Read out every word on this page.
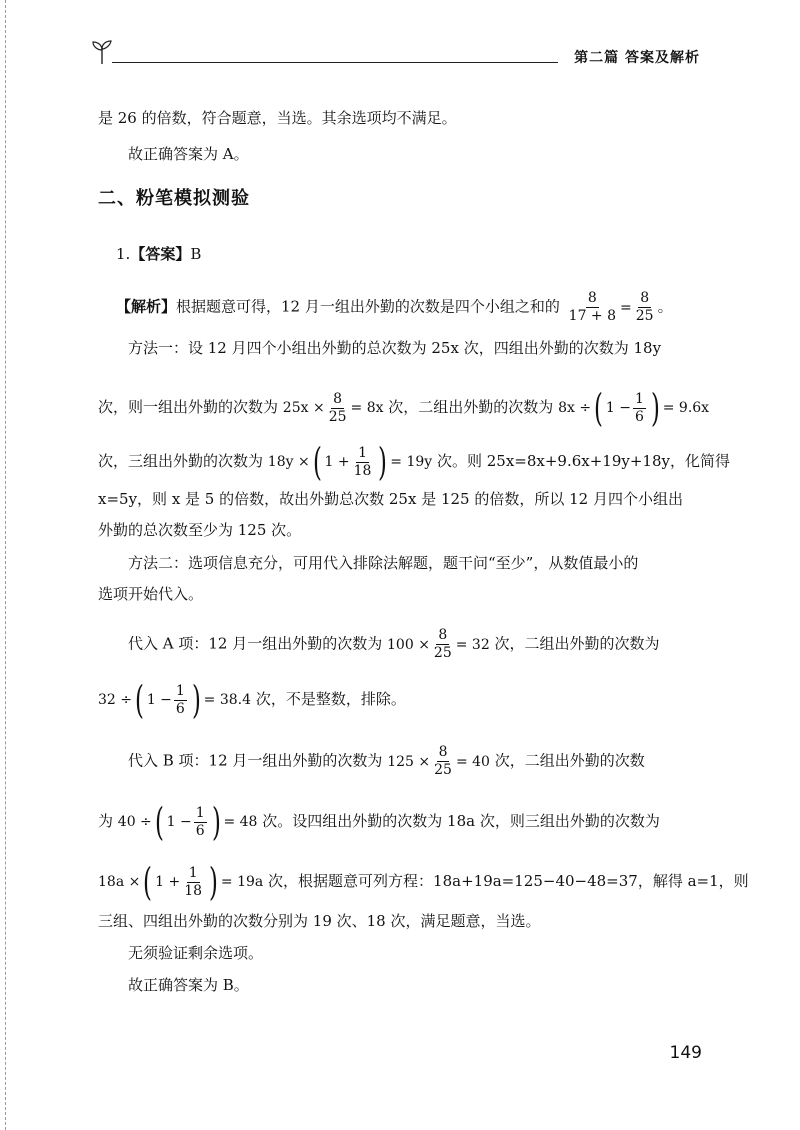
第二篇 答案及解析
是 26 的倍数，符合题意，当选。其余选项均不满足。
故正确答案为 A。
二、粉笔模拟测验
1.【答案】B
【解析】根据题意可得，12 月一组出外勤的次数是四个小组之和的 $\frac{8}{17 + 8} = \frac{8}{25}$ 。
方法一：设 12 月四个小组出外勤的总次数为 25x 次，四组出外勤的次数为 18y
次，则一组出外勤的次数为 $25x \times \frac{8}{25} = 8x$ 次，二组出外勤的次数为 8x ÷ ( $1 - \frac{1}{6}$ ) = 9.6x
次，三组出外勤的次数为 18y × ( $1 + \frac{1}{18}$ ) = 19y 次。则 25x=8x+9.6x+19y+18y，化简得
x=5y，则 x 是 5 的倍数，故出外勤总次数 25x 是 125 的倍数，所以 12 月四个小组出
外勤的总次数至少为 125 次。
方法二：选项信息充分，可用代入排除法解题，题干问“至少”，从数值最小的
选项开始代入。
代入 A 项：12 月一组出外勤的次数为 $100 \times \frac{8}{25} = 32$ 次，二组出外勤的次数为
32 ÷ ( $1 - \frac{1}{6}$ ) = 38.4 次，不是整数，排除。
代入 B 项：12 月一组出外勤的次数为 $125 \times \frac{8}{25} = 40$ 次，二组出外勤的次数
为 40 ÷ ( $1 - \frac{1}{6}$ ) = 48 次。设四组出外勤的次数为 18a 次，则三组出外勤的次数为
18a × ( $1 + \frac{1}{18}$ ) = 19a 次，根据题意可列方程：18a+19a=125−40−48=37，解得 a=1，则
三组、四组出外勤的次数分别为 19 次、18 次，满足题意，当选。
无须验证剩余选项。
故正确答案为 B。
149
